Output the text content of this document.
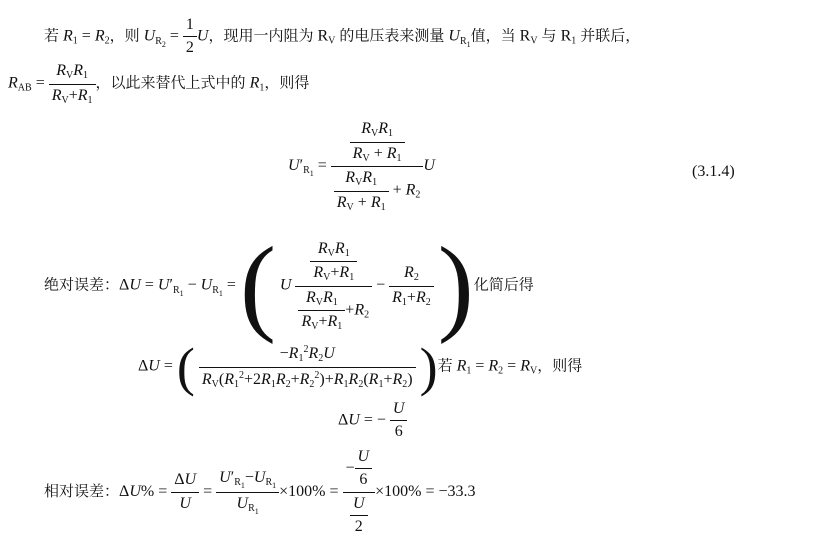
若 $R_1 = R_2$，则 $U_{R_2} = \frac{1}{2}$ U，现用一内阻为 $R_V$ 的电压表来测量 $U_{R_1}$值，当 $R_V$ 与 $R_1$ 并联后，
$R_{AB} = \frac{R_VR_1}{R_V+R_1}$ ，以此来替代上式中的 $R_1$，则得
$U'_{R_1} = \frac{\frac{R_VR_1}{R_V + R_1}}{\frac{R_VR_1}{R_V + R_1} + R_2}$ U	(3.1.4)
绝对误差：$\Delta U = U'_{R_1} - U_{R_1}$ = ( U $\frac{\frac{R_VR_1}{R_V+R_1}}{\frac{R_VR_1}{R_V+R_1} +R_2} - \frac{R_2}{R_1+R_2}$ )化简后得
ΔU = ( $\frac{-R_1^2R_2U}{R_V(R_1^2+2R_1R_2+R_2^2)+R_1R_2(R_1+R_2)}$ )若 $R_1 = R_2 = R_V$，则得
ΔU = − $\frac{U}{6}$
相对误差：$\Delta U\% = \frac{\Delta U}{U} = \frac{U'_{R_1}-U_{R_1}}{U_{R_1}} \times 100\% = \frac{- \frac{U}{6}}{\frac{U}{2}} \times 100\% = -33.3$
